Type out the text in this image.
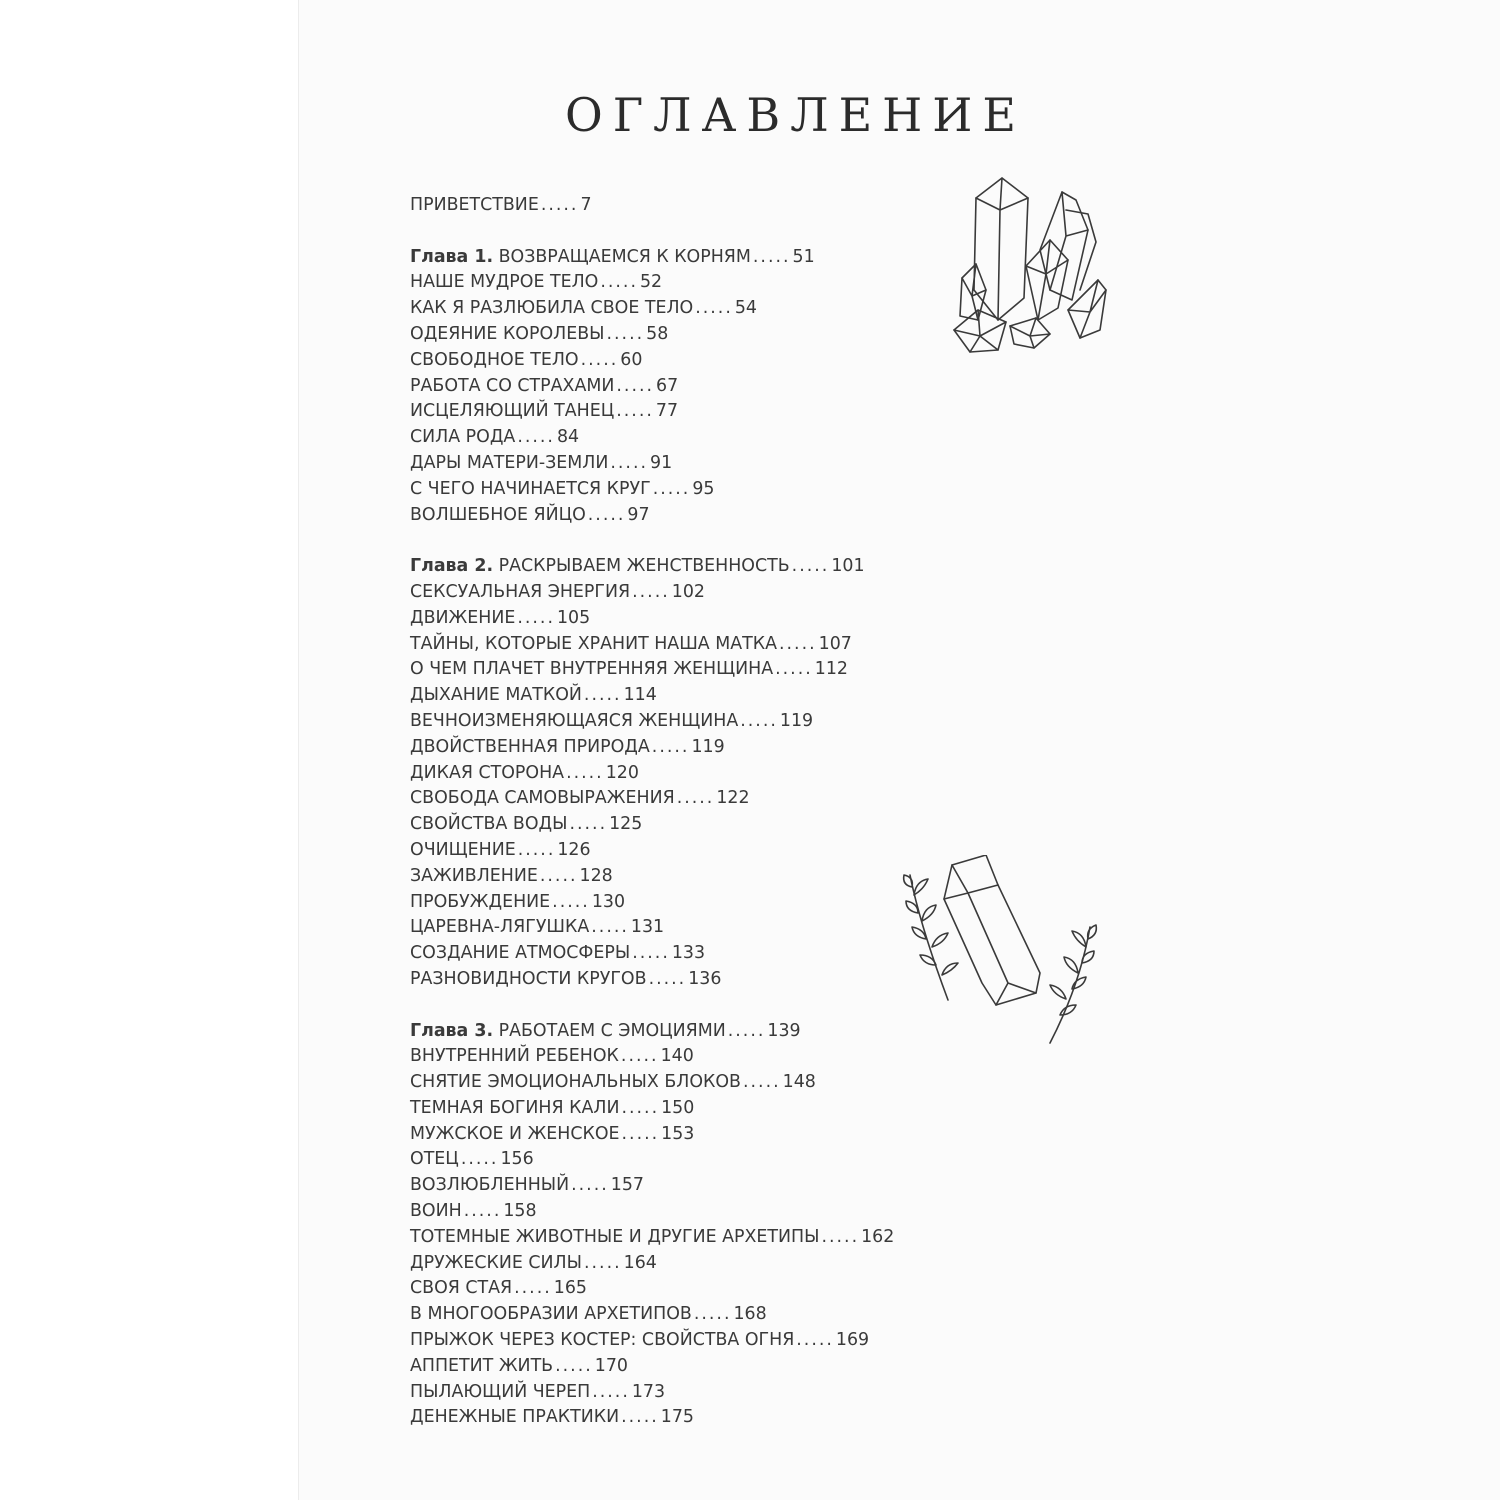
ОГЛАВЛЕНИЕ
ПРИВЕТСТВИЕ ..... 7
Глава 1. ВОЗВРАЩАЕМСЯ К КОРНЯМ ..... 51
НАШЕ МУДРОЕ ТЕЛО ..... 52
КАК Я РАЗЛЮБИЛА СВОЕ ТЕЛО ..... 54
ОДЕЯНИЕ КОРОЛЕВЫ ..... 58
СВОБОДНОЕ ТЕЛО ..... 60
РАБОТА СО СТРАХАМИ ..... 67
ИСЦЕЛЯЮЩИЙ ТАНЕЦ ..... 77
СИЛА РОДА ..... 84
ДАРЫ МАТЕРИ-ЗЕМЛИ ..... 91
С ЧЕГО НАЧИНАЕТСЯ КРУГ ..... 95
ВОЛШЕБНОЕ ЯЙЦО ..... 97
Глава 2. РАСКРЫВАЕМ ЖЕНСТВЕННОСТЬ ..... 101
СЕКСУАЛЬНАЯ ЭНЕРГИЯ ..... 102
ДВИЖЕНИЕ ..... 105
ТАЙНЫ, КОТОРЫЕ ХРАНИТ НАША МАТКА ..... 107
О ЧЕМ ПЛАЧЕТ ВНУТРЕННЯЯ ЖЕНЩИНА ..... 112
ДЫХАНИЕ МАТКОЙ ..... 114
ВЕЧНОИЗМЕНЯЮЩАЯСЯ ЖЕНЩИНА ..... 119
ДВОЙСТВЕННАЯ ПРИРОДА ..... 119
ДИКАЯ СТОРОНА ..... 120
СВОБОДА САМОВЫРАЖЕНИЯ ..... 122
СВОЙСТВА ВОДЫ ..... 125
ОЧИЩЕНИЕ ..... 126
ЗАЖИВЛЕНИЕ ..... 128
ПРОБУЖДЕНИЕ ..... 130
ЦАРЕВНА-ЛЯГУШКА ..... 131
СОЗДАНИЕ АТМОСФЕРЫ ..... 133
РАЗНОВИДНОСТИ КРУГОВ ..... 136
Глава 3. РАБОТАЕМ С ЭМОЦИЯМИ ..... 139
ВНУТРЕННИЙ РЕБЕНОК ..... 140
СНЯТИЕ ЭМОЦИОНАЛЬНЫХ БЛОКОВ ..... 148
ТЕМНАЯ БОГИНЯ КАЛИ ..... 150
МУЖСКОЕ И ЖЕНСКОЕ ..... 153
ОТЕЦ ..... 156
ВОЗЛЮБЛЕННЫЙ ..... 157
ВОИН ..... 158
ТОТЕМНЫЕ ЖИВОТНЫЕ И ДРУГИЕ АРХЕТИПЫ ..... 162
ДРУЖЕСКИЕ СИЛЫ ..... 164
СВОЯ СТАЯ ..... 165
В МНОГООБРАЗИИ АРХЕТИПОВ ..... 168
ПРЫЖОК ЧЕРЕЗ КОСТЕР: СВОЙСТВА ОГНЯ ..... 169
АППЕТИТ ЖИТЬ ..... 170
ПЫЛАЮЩИЙ ЧЕРЕП ..... 173
ДЕНЕЖНЫЕ ПРАКТИКИ ..... 175
